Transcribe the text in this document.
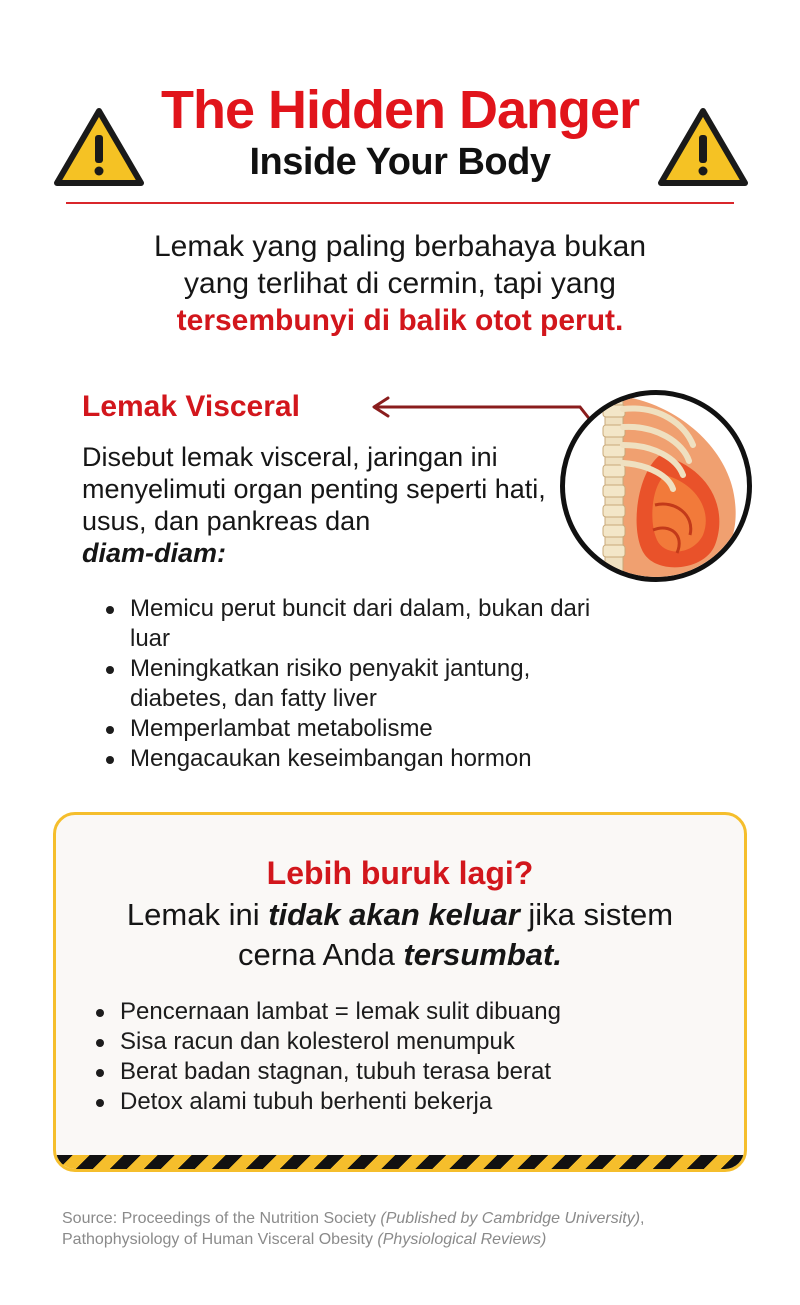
The Hidden Danger
Inside Your Body
Lemak yang paling berbahaya bukan
yang terlihat di cermin, tapi yang
tersembunyi di balik otot perut.
Lemak Visceral
Disebut lemak visceral, jaringan ini menyelimuti organ penting seperti hati, usus, dan pankreas dan
diam-diam:
Memicu perut buncit dari dalam, bukan dari luar
Meningkatkan risiko penyakit jantung, diabetes, dan fatty liver
Memperlambat metabolisme
Mengacaukan keseimbangan hormon
Lebih buruk lagi?
Lemak ini tidak akan keluar jika sistem
cerna Anda tersumbat.
Pencernaan lambat = lemak sulit dibuang
Sisa racun dan kolesterol menumpuk
Berat badan stagnan, tubuh terasa berat
Detox alami tubuh berhenti bekerja
Source: Proceedings of the Nutrition Society (Published by Cambridge University),
Pathophysiology of Human Visceral Obesity (Physiological Reviews)
